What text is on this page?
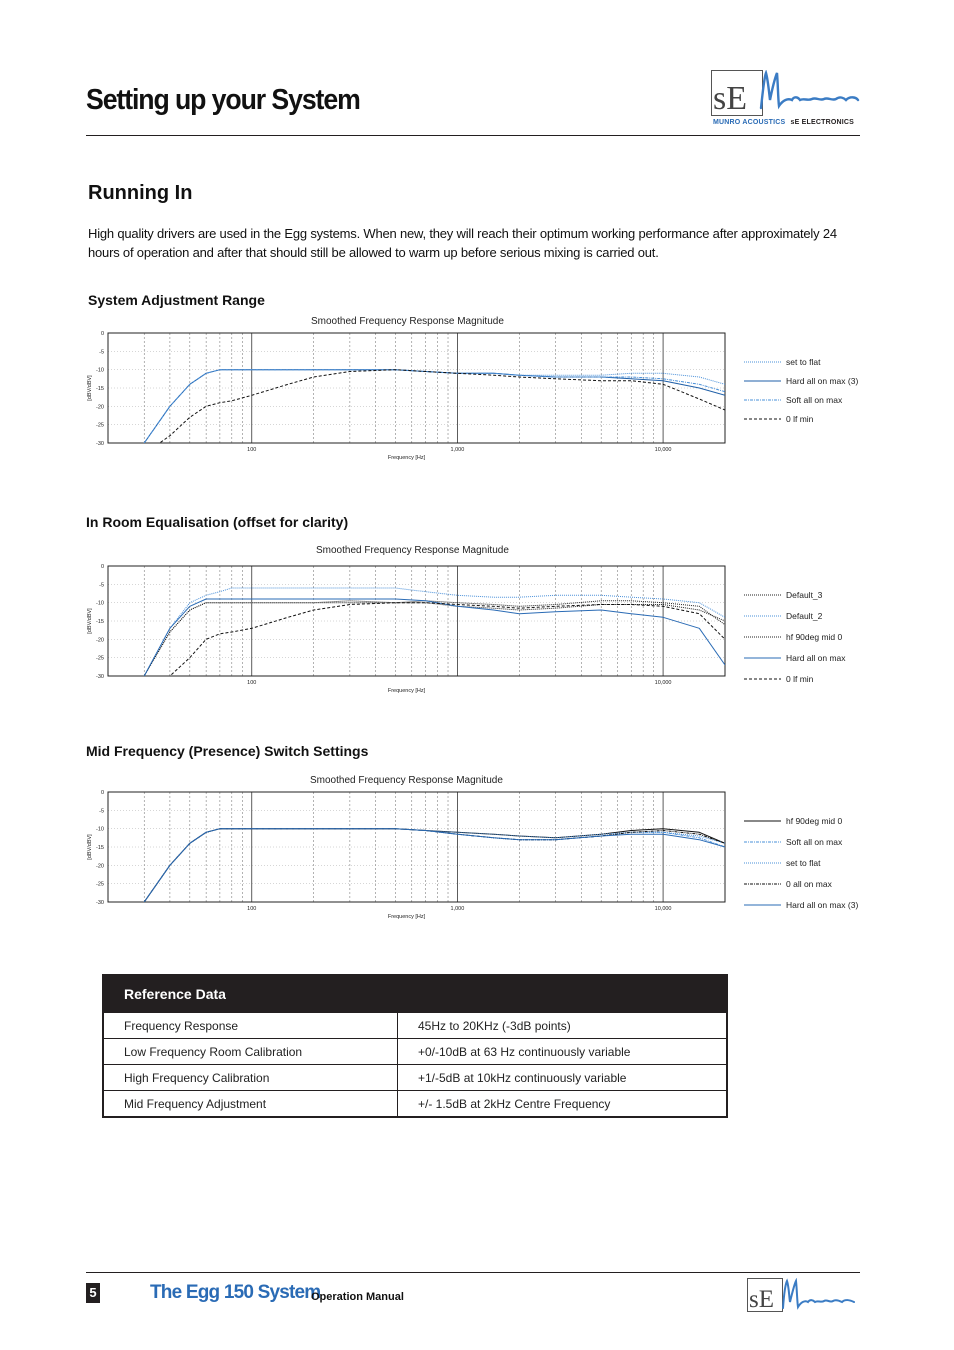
Setting up your System	sE
MUNRO ACOUSTICS sE ELECTRONICS
Running In
High quality drivers are used in the Egg systems. When new, they will reach their optimum working performance after approximately 24 hours of operation and after that should still be allowed to warm up before serious mixing is carried out.
System Adjustment Range
Smoothed Frequency Response Magnitude
0
-5
-10
-15
-20
-25
-30
100	1,000	10,000
Frequency [Hz]
[dBV/dBV]
set to flat
Hard all on max (3)
Soft all on max
0 lf min
In Room Equalisation (offset for clarity)
Smoothed Frequency Response Magnitude
0
-5
-10
-15
-20
-25
-30
100	10,000
Frequency [Hz]
[dBV/dBV]
Default_3
Default_2
hf 90deg mid 0
Hard all on max
0 lf min
Mid Frequency (Presence) Switch Settings
Smoothed Frequency Response Magnitude
0
-5
-10
-15
-20
-25
-30
100	1,000	10,000
Frequency [Hz]
[dBV/dBV]
hf 90deg mid 0
Soft all on max
set to flat
0 all on max
Hard all on max (3)
Reference Data	
Frequency Response	45Hz to 20KHz (-3dB points)
Low Frequency Room Calibration	+0/-10dB at 63 Hz continuously variable
High Frequency Calibration	+1/-5dB at 10kHz continuously variable
Mid Frequency Adjustment	+/- 1.5dB at 2kHz Centre Frequency
5	The Egg 150 System
Operation Manual	sE
